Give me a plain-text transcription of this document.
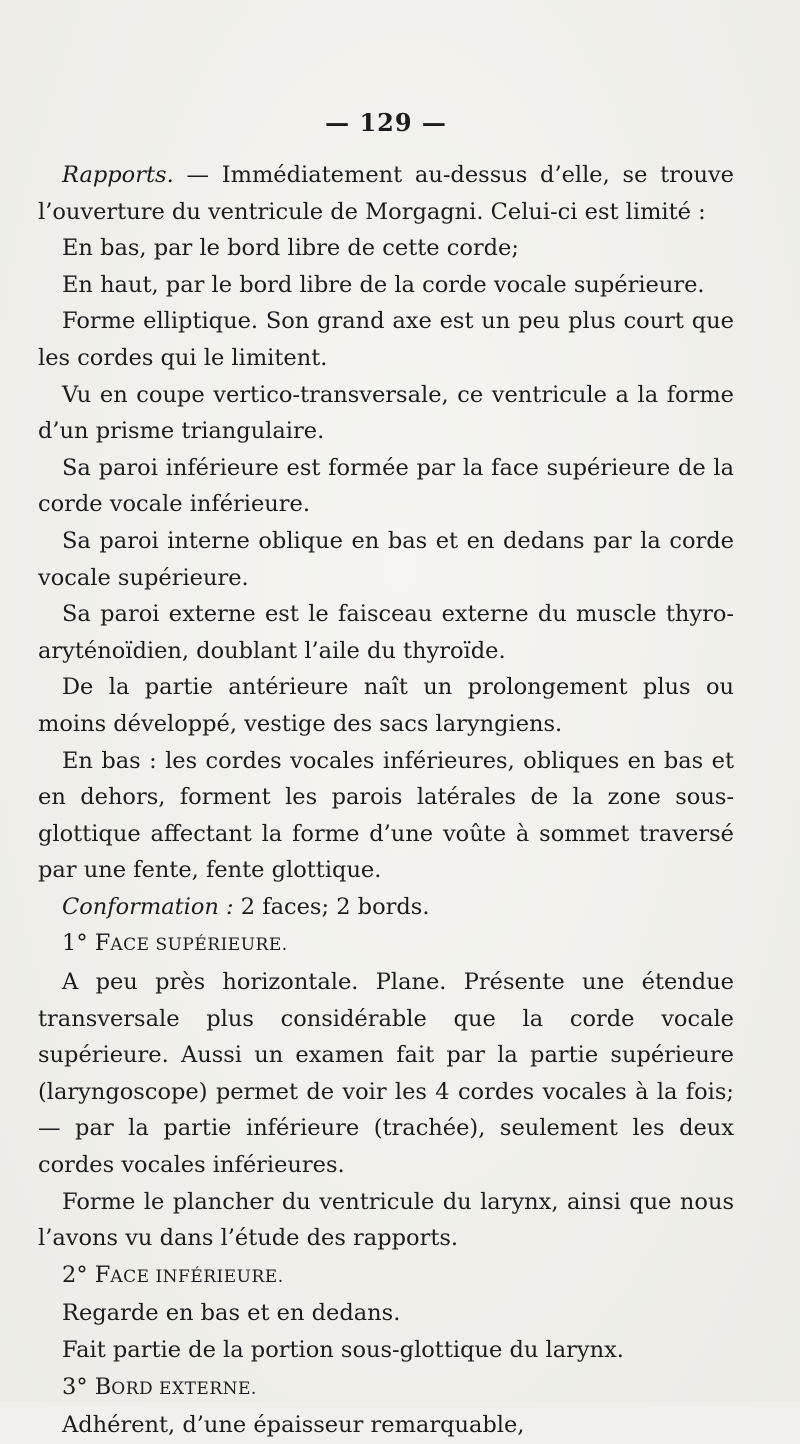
— 129 —

Rapports. — Immédiatement au-dessus d’elle, se trouve l’ouverture du ventricule de Morgagni. Celui-ci est limité :

En bas, par le bord libre de cette corde;

En haut, par le bord libre de la corde vocale supérieure.

Forme elliptique. Son grand axe est un peu plus court que les cordes qui le limitent.

Vu en coupe vertico-transversale, ce ventricule a la forme d’un prisme triangulaire.

Sa paroi inférieure est formée par la face supérieure de la corde vocale inférieure.

Sa paroi interne oblique en bas et en dedans par la corde vocale supérieure.

Sa paroi externe est le faisceau externe du muscle thyro-aryténoïdien, doublant l’aile du thyroïde.

De la partie antérieure naît un prolongement plus ou moins développé, vestige des sacs laryngiens.

En bas : les cordes vocales inférieures, obliques en bas et en dehors, forment les parois latérales de la zone sous-glottique affectant la forme d’une voûte à sommet traversé par une fente, fente glottique.

Conformation : 2 faces; 2 bords.

1° FACE SUPÉRIEURE.

A peu près horizontale. Plane. Présente une étendue transversale plus considérable que la corde vocale supérieure. Aussi un examen fait par la partie supérieure (laryngoscope) permet de voir les 4 cordes vocales à la fois; — par la partie inférieure (trachée), seulement les deux cordes vocales inférieures.

Forme le plancher du ventricule du larynx, ainsi que nous l’avons vu dans l’étude des rapports.

2° FACE INFÉRIEURE.

Regarde en bas et en dedans.

Fait partie de la portion sous-glottique du larynx.

3° BORD EXTERNE.

Adhérent, d’une épaisseur remarquable,
